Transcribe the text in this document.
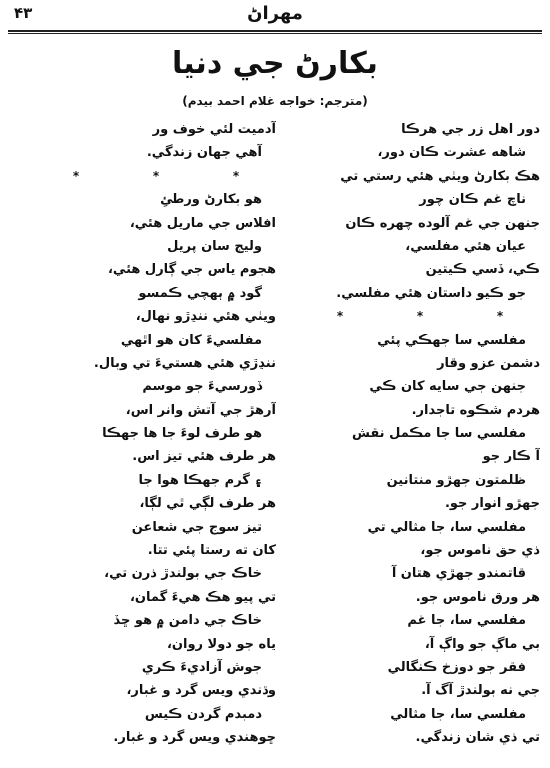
۴۳	مهراڻ
بکارڻ جي دنيا
(مترجم: خواجه غلام احمد بيدم)
دور اهل زر جي هرڪا
شاهه عشرت ڪان دور،
هڪ بکارڻ ويٺي هئي رستي تي
ناچ غم ڪان چور
جنهن جي غم آلوده چهره ڪان
عيان هئي مفلسي،
ڪي، ڏسي ڪيتين
جو ڪيو داستان هئي مفلسي.
*	*	*
مفلسي سا جهڪي پئي
دشمن عزو وقار
جنهن جي سايه کان ڪي
هردم شڪوه تاجدار.
مفلسي سا جا مڪمل نقش
آ ڪار جو
ظلمتون جهڙو منتانين
جهڙو انوار جو.
مفلسي سا، جا مثالي تي
ذي حق ناموس جو،
قاتمندو جهڙي هتان آ
هر ورق ناموس جو.
مفلسي سا، جا غم
بي ماڳ جو واڳ آ،
فقر جو دوزخ ڪنگالي
جي نه بولندڙ آگ آ.
مفلسي سا، جا مثالي
تي ذي شان زندگي.
آدميت لئي خوف ور
آهي جهان زندگي.
*	*	*
هو بکارڻ ورطئِ
افلاس جي ماريل هئي،
وليج سان پريل
هجوم ياس جي ڳارل هئي،
گود ۾ ٻهچي ڪمسو
ويٺي هئي ننڍڙو نهال،
مفلسيءَ کان هو اٿهي
ننڍڙي هئي هستيءَ تي وبال.
ڏورسيءَ جو موسم
آرهڙ جي آتش وانر اس،
هو طرف لوءَ جا ها جهڪا
هر طرف هئي تيز اس.
۽ گرم جهڪا هوا جا
هر طرف لڳي ٿي لڳا،
تيز سوج جي شعاعن
کان ته رستا پئي تتا.
خاڪ جي بولندڙ ذرن تي،
تي پيو هڪ هيءَ گمان،
خاڪ جي دامن ۾ هو ڇڏ
ياه جو دولا روان،
جوش آزاديءَ ڪري
وڌندي ويس گرد و غبار،
دمبدم گردن ڪيس
ڇوهندي ويس گرد و غبار.
